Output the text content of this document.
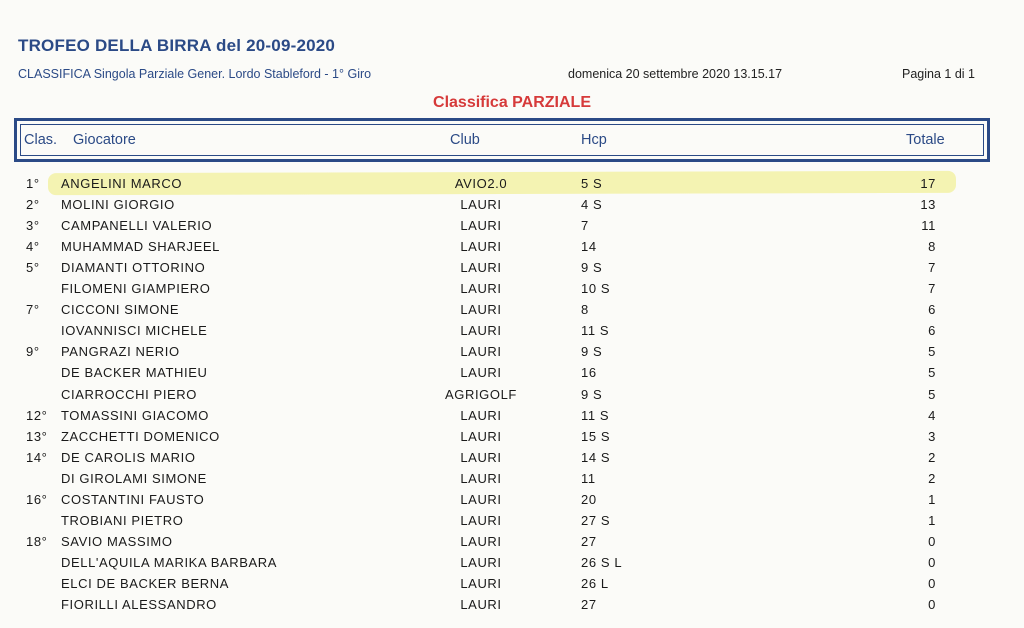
TROFEO DELLA BIRRA del 20-09-2020
CLASSIFICA Singola Parziale Gener. Lordo Stableford - 1° Giro	domenica 20 settembre 2020 13.15.17	Pagina 1 di 1
Classifica PARZIALE
Clas. Giocatore	Club	Hcp	Totale
1° ANGELINI MARCO	AVIO2.0	5 S	17
2° MOLINI GIORGIO	LAURI	4 S	13
3° CAMPANELLI VALERIO	LAURI	7	11
4° MUHAMMAD SHARJEEL	LAURI	14	8
5° DIAMANTI OTTORINO	LAURI	9 S	7
FILOMENI GIAMPIERO	LAURI	10 S	7
7° CICCONI SIMONE	LAURI	8	6
IOVANNISCI MICHELE	LAURI	11 S	6
9° PANGRAZI NERIO	LAURI	9 S	5
DE BACKER MATHIEU	LAURI	16	5
CIARROCCHI PIERO	AGRIGOLF	9 S	5
12° TOMASSINI GIACOMO	LAURI	11 S	4
13° ZACCHETTI DOMENICO	LAURI	15 S	3
14° DE CAROLIS MARIO	LAURI	14 S	2
DI GIROLAMI SIMONE	LAURI	11	2
16° COSTANTINI FAUSTO	LAURI	20	1
TROBIANI PIETRO	LAURI	27 S	1
18° SAVIO MASSIMO	LAURI	27	0
DELL'AQUILA MARIKA BARBARA	LAURI	26 S L	0
ELCI DE BACKER BERNA	LAURI	26 L	0
FIORILLI ALESSANDRO	LAURI	27	0
